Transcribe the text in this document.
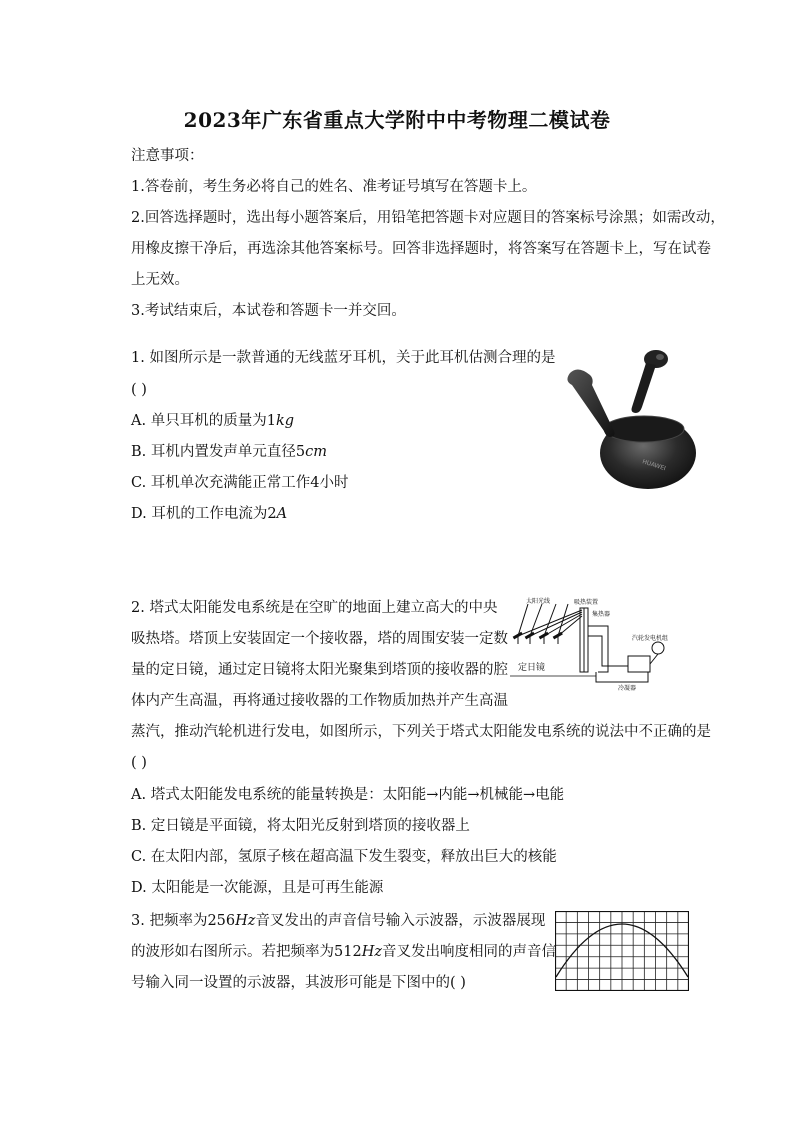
2023年广东省重点大学附中中考物理二模试卷
注意事项：
1.答卷前，考生务必将自己的姓名、准考证号填写在答题卡上。
2.回答选择题时，选出每小题答案后，用铅笔把答题卡对应题目的答案标号涂黑；如需改动，
用橡皮擦干净后，再选涂其他答案标号。回答非选择题时，将答案写在答题卡上，写在试卷
上无效。
3.考试结束后，本试卷和答题卡一并交回。
1. 如图所示是一款普通的无线蓝牙耳机，关于此耳机估测合理的是
( )
A. 单只耳机的质量为1kg
B. 耳机内置发声单元直径5cm
C. 耳机单次充满能正常工作4小时
D. 耳机的工作电流为2A
HUAWEI
2. 塔式太阳能发电系统是在空旷的地面上建立高大的中央
吸热塔。塔顶上安装固定一个接收器，塔的周围安装一定数
量的定日镜，通过定日镜将太阳光聚集到塔顶的接收器的腔
体内产生高温，再将通过接收器的工作物质加热并产生高温
蒸汽，推动汽轮机进行发电，如图所示，下列关于塔式太阳能发电系统的说法中不正确的是
( )
A. 塔式太阳能发电系统的能量转换是：太阳能→内能→机械能→电能
B. 定日镜是平面镜，将太阳光反射到塔顶的接收器上
C. 在太阳内部，氢原子核在超高温下发生裂变，释放出巨大的核能
D. 太阳能是一次能源，且是可再生能源
太阳光线	吸热装置
集热器
定日镜
汽轮发电机组
冷凝器
3. 把频率为256Hz音叉发出的声音信号输入示波器，示波器展现
的波形如右图所示。若把频率为512Hz音叉发出响度相同的声音信
号输入同一设置的示波器，其波形可能是下图中的( )
